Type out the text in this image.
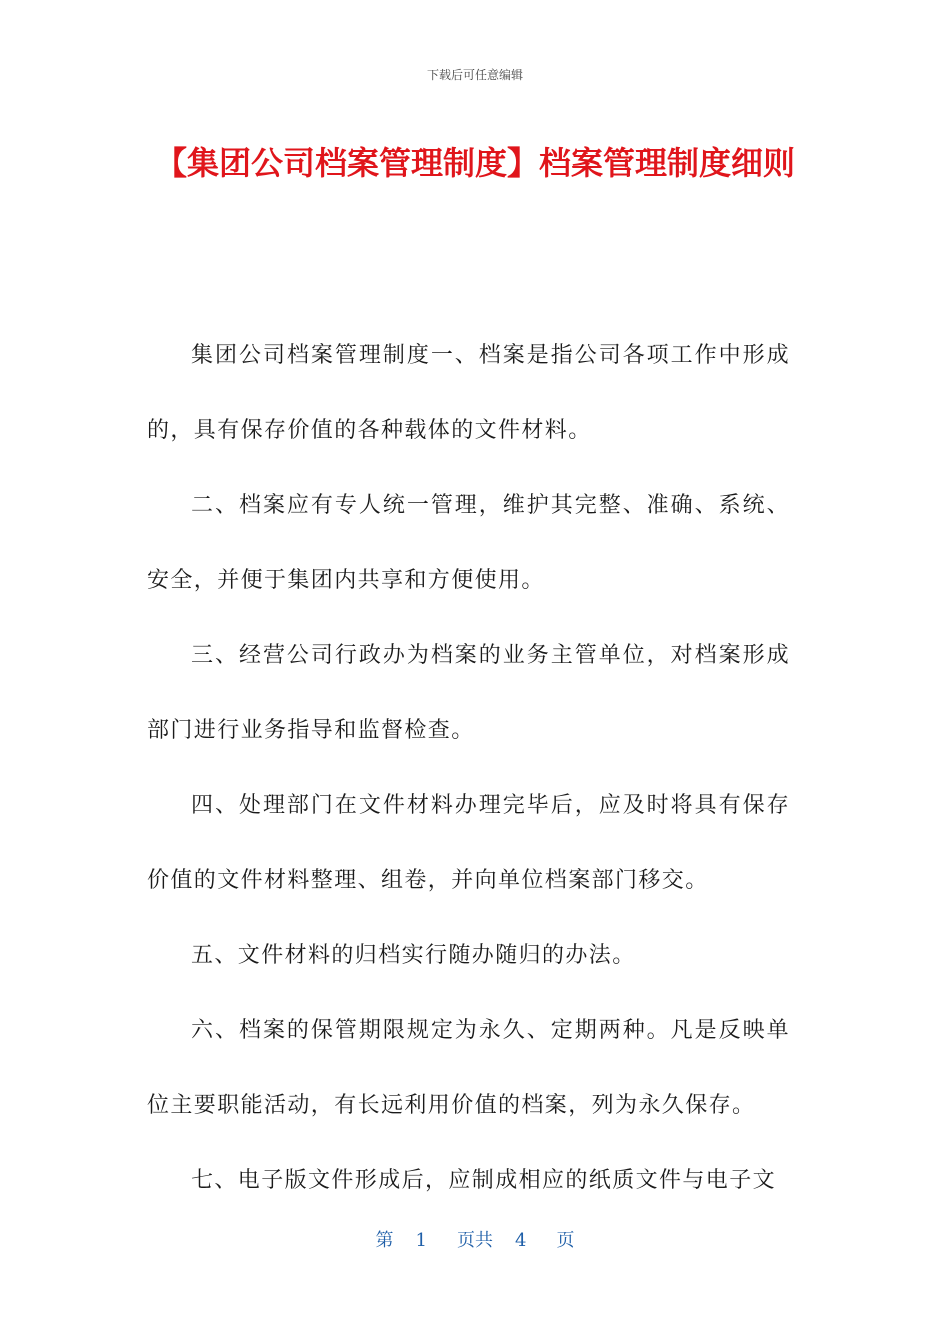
下载后可任意编辑
【集团公司档案管理制度】档案管理制度细则

集团公司档案管理制度一、档案是指公司各项工作中形成的，具有保存价值的各种载体的文件材料。

二、档案应有专人统一管理，维护其完整、准确、系统、安全，并便于集团内共享和方便使用。

三、经营公司行政办为档案的业务主管单位，对档案形成部门进行业务指导和监督检查。

四、处理部门在文件材料办理完毕后，应及时将具有保存价值的文件材料整理、组卷，并向单位档案部门移交。

五、文件材料的归档实行随办随归的办法。

六、档案的保管期限规定为永久、定期两种。凡是反映单位主要职能活动，有长远利用价值的档案，列为永久保存。

七、电子版文件形成后，应制成相应的纸质文件与电子文

第 1 页共 4 页
